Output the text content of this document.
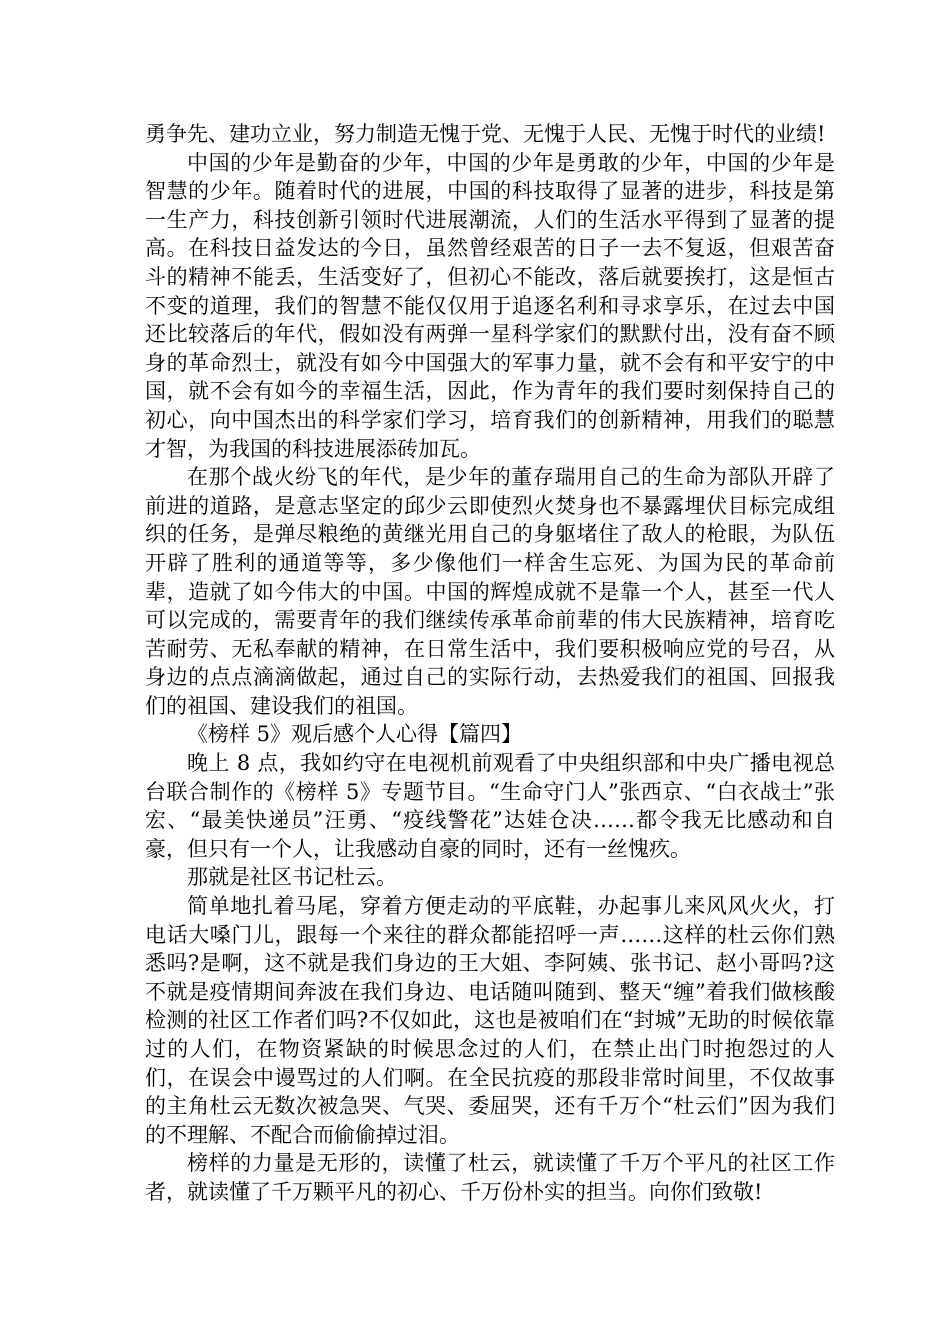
勇争先、建功立业，努力制造无愧于党、无愧于人民、无愧于时代的业绩!

中国的少年是勤奋的少年，中国的少年是勇敢的少年，中国的少年是智慧的少年。随着时代的进展，中国的科技取得了显著的进步，科技是第一生产力，科技创新引领时代进展潮流，人们的生活水平得到了显著的提高。在科技日益发达的今日，虽然曾经艰苦的日子一去不复返，但艰苦奋斗的精神不能丢，生活变好了，但初心不能改，落后就要挨打，这是恒古不变的道理，我们的智慧不能仅仅用于追逐名利和寻求享乐，在过去中国还比较落后的年代，假如没有两弹一星科学家们的默默付出，没有奋不顾身的革命烈士，就没有如今中国强大的军事力量，就不会有和平安宁的中国，就不会有如今的幸福生活，因此，作为青年的我们要时刻保持自己的初心，向中国杰出的科学家们学习，培育我们的创新精神，用我们的聪慧才智，为我国的科技进展添砖加瓦。

在那个战火纷飞的年代，是少年的董存瑞用自己的生命为部队开辟了前进的道路，是意志坚定的邱少云即使烈火焚身也不暴露埋伏目标完成组织的任务，是弹尽粮绝的黄继光用自己的身躯堵住了敌人的枪眼，为队伍开辟了胜利的通道等等，多少像他们一样舍生忘死、为国为民的革命前辈，造就了如今伟大的中国。中国的辉煌成就不是靠一个人，甚至一代人可以完成的，需要青年的我们继续传承革命前辈的伟大民族精神，培育吃苦耐劳、无私奉献的精神，在日常生活中，我们要积极响应党的号召，从身边的点点滴滴做起，通过自己的实际行动，去热爱我们的祖国、回报我们的祖国、建设我们的祖国。

《榜样 5》观后感个人心得【篇四】

晚上 8 点，我如约守在电视机前观看了中央组织部和中央广播电视总台联合制作的《榜样 5》专题节目。“生命守门人”张西京、“白衣战士”张宏、“最美快递员”汪勇、“疫线警花”达娃仓决……都令我无比感动和自豪，但只有一个人，让我感动自豪的同时，还有一丝愧疚。

那就是社区书记杜云。

简单地扎着马尾，穿着方便走动的平底鞋，办起事儿来风风火火，打电话大嗓门儿，跟每一个来往的群众都能招呼一声……这样的杜云你们熟悉吗?是啊，这不就是我们身边的王大姐、李阿姨、张书记、赵小哥吗?这不就是疫情期间奔波在我们身边、电话随叫随到、整天“缠”着我们做核酸检测的社区工作者们吗?不仅如此，这也是被咱们在“封城”无助的时候依靠过的人们，在物资紧缺的时候思念过的人们，在禁止出门时抱怨过的人们，在误会中谩骂过的人们啊。在全民抗疫的那段非常时间里，不仅故事的主角杜云无数次被急哭、气哭、委屈哭，还有千万个“杜云们”因为我们的不理解、不配合而偷偷掉过泪。

榜样的力量是无形的，读懂了杜云，就读懂了千万个平凡的社区工作者，就读懂了千万颗平凡的初心、千万份朴实的担当。向你们致敬!
